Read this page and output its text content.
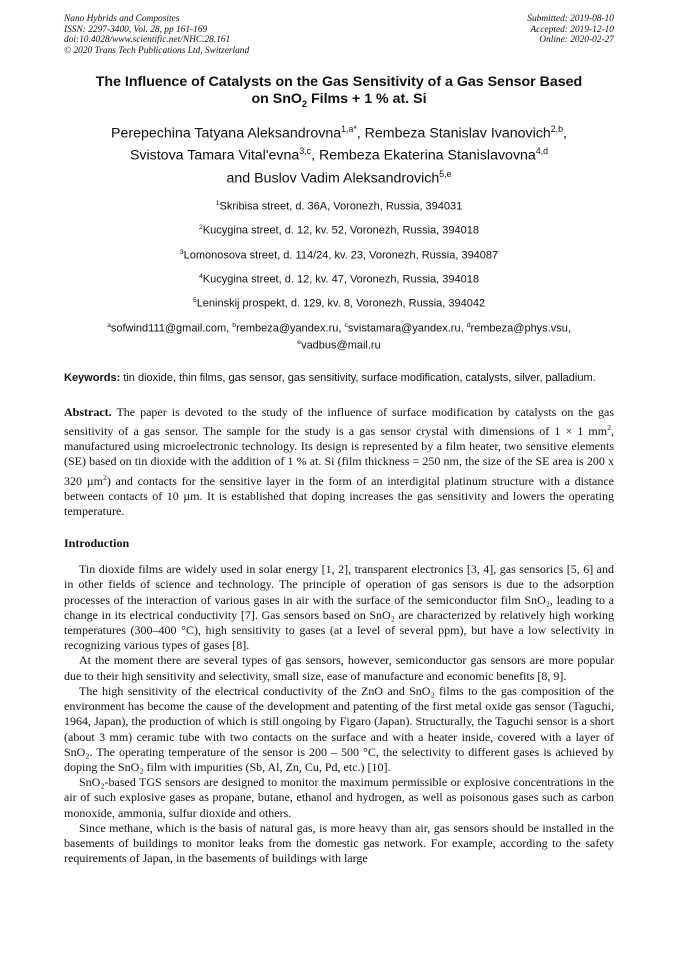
Nano Hybrids and Composites
ISSN: 2297-3400, Vol. 28, pp 161-169
doi:10.4028/www.scientific.net/NHC.28.161
© 2020 Trans Tech Publications Ltd, Switzerland
Submitted: 2019-08-10
Accepted: 2019-12-10
Online: 2020-02-27
The Influence of Catalysts on the Gas Sensitivity of a Gas Sensor Based
on SnO$_2$ Films + 1 % at. Si
Perepechina Tatyana Aleksandrovna$^{1,a*}$, Rembeza Stanislav Ivanovich$^{2,b}$,
Svistova Tamara Vital'evna$^{3,c}$, Rembeza Ekaterina Stanislavovna$^{4,d}$
and Buslov Vadim Aleksandrovich$^{5,e}$
$^1$Skribisa street, d. 36A, Voronezh, Russia, 394031
$^2$Kucygina street, d. 12, kv. 52, Voronezh, Russia, 394018
$^3$Lomonosova street, d. 114/24, kv. 23, Voronezh, Russia, 394087
$^4$Kucygina street, d. 12, kv. 47, Voronezh, Russia, 394018
$^5$Leninskij prospekt, d. 129, kv. 8, Voronezh, Russia, 394042
$^a$sofwind111@gmail.com, $^b$rembeza@yandex.ru, $^c$svistamara@yandex.ru, $^d$rembeza@phys.vsu,
$^e$vadbus@mail.ru
Keywords: tin dioxide, thin films, gas sensor, gas sensitivity, surface modification, catalysts, silver, palladium.
Abstract. The paper is devoted to the study of the influence of surface modification by catalysts on the gas sensitivity of a gas sensor. The sample for the study is a gas sensor crystal with dimensions of 1 × 1 $mm^2$, manufactured using microelectronic technology. Its design is represented by a film heater, two sensitive elements (SE) based on tin dioxide with the addition of 1 % at. Si (film thickness = 250 nm, the size of the SE area is 200 x 320 µm$^2$) and contacts for the sensitive layer in the form of an interdigital platinum structure with a distance between contacts of 10 µm. It is established that doping increases the gas sensitivity and lowers the operating temperature.
Introduction

Tin dioxide films are widely used in solar energy [1, 2], transparent electronics [3, 4], gas sensorics [5, 6] and in other fields of science and technology. The principle of operation of gas sensors is due to the adsorption processes of the interaction of various gases in air with the surface of the semiconductor film SnO₂, leading to a change in its electrical conductivity [7]. Gas sensors based on SnO₂ are characterized by relatively high working temperatures (300–400 °C), high sensitivity to gases (at a level of several ppm), but have a low selectivity in recognizing various types of gases [8].

At the moment there are several types of gas sensors, however, semiconductor gas sensors are more popular due to their high sensitivity and selectivity, small size, ease of manufacture and economic benefits [8, 9].

The high sensitivity of the electrical conductivity of the ZnO and SnO₂ films to the gas composition of the environment has become the cause of the development and patenting of the first metal oxide gas sensor (Taguchi, 1964, Japan), the production of which is still ongoing by Figaro (Japan). Structurally, the Taguchi sensor is a short (about 3 mm) ceramic tube with two contacts on the surface and with a heater inside, covered with a layer of SnO₂. The operating temperature of the sensor is 200 – 500 °C, the selectivity to different gases is achieved by doping the SnO₂ film with impurities (Sb, Al, Zn, Cu, Pd, etc.) [10].

SnO₂-based TGS sensors are designed to monitor the maximum permissible or explosive concentrations in the air of such explosive gases as propane, butane, ethanol and hydrogen, as well as poisonous gases such as carbon monoxide, ammonia, sulfur dioxide and others.

Since methane, which is the basis of natural gas, is more heavy than air, gas sensors should be installed in the basements of buildings to monitor leaks from the domestic gas network. For example, according to the safety requirements of Japan, in the basements of buildings with large
